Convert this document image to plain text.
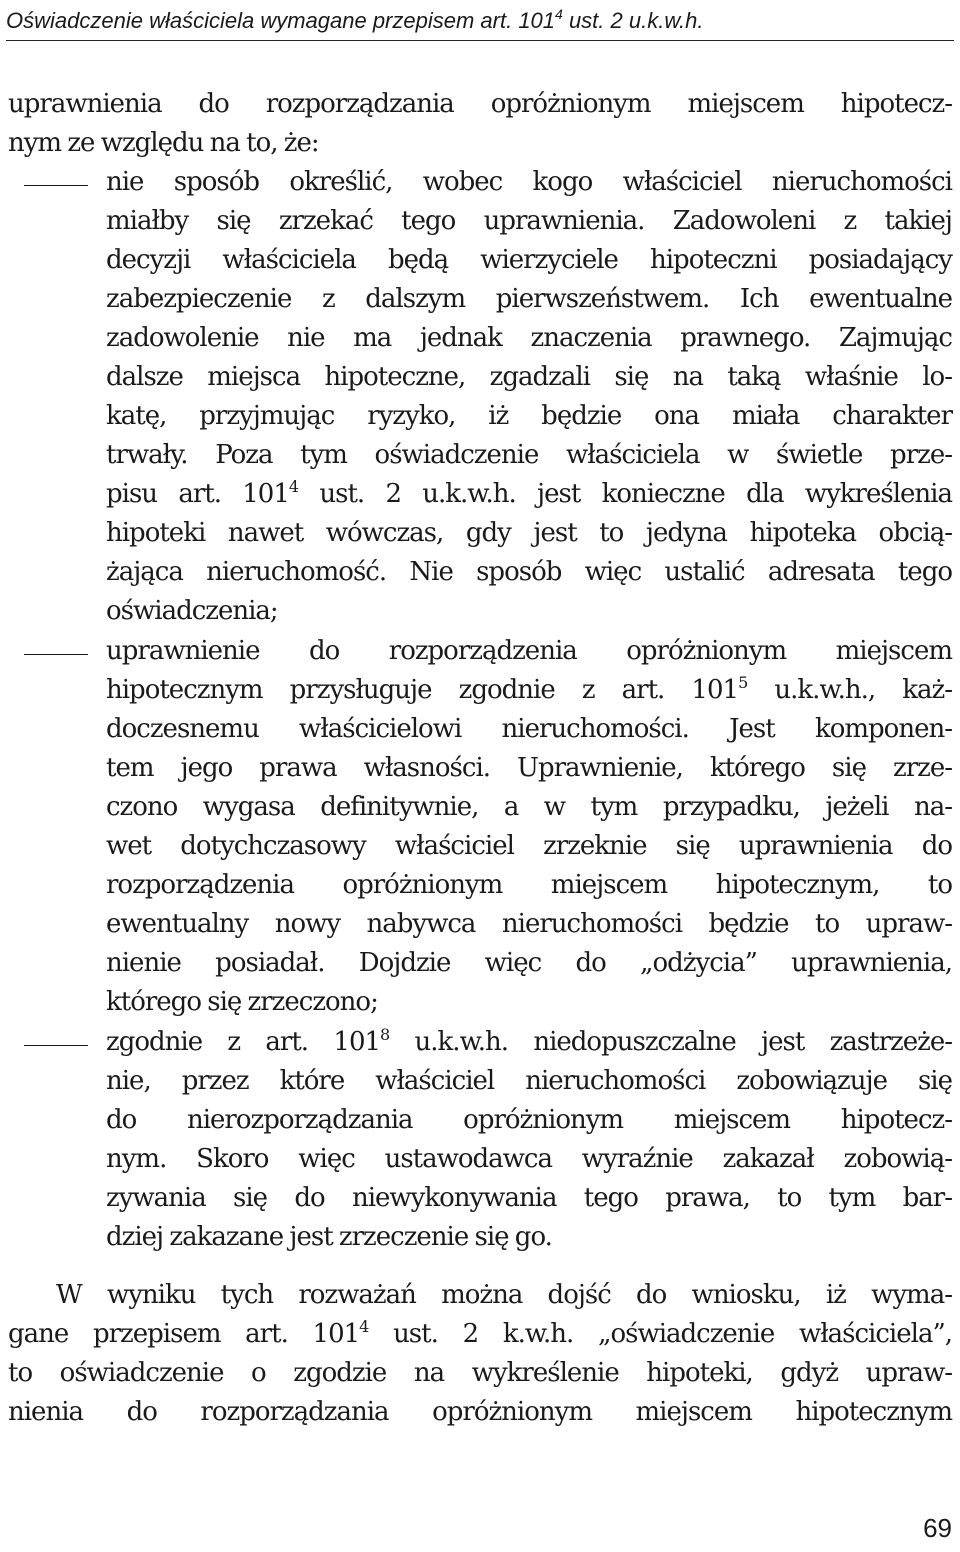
Oświadczenie właściciela wymagane przepisem art. $101^4$ ust. 2 u.k.w.h.
uprawnienia do rozporządzania opróżnionym miejscem hipotecz-
nym ze względu na to, że:
nie sposób określić, wobec kogo właściciel nieruchomości
miałby się zrzekać tego uprawnienia. Zadowoleni z takiej
decyzji właściciela będą wierzyciele hipoteczni posiadający
zabezpieczenie z dalszym pierwszeństwem. Ich ewentualne
zadowolenie nie ma jednak znaczenia prawnego. Zajmując
dalsze miejsca hipoteczne, zgadzali się na taką właśnie lo-
katę, przyjmując ryzyko, iż będzie ona miała charakter
trwały. Poza tym oświadczenie właściciela w świetle prze-
pisu art. $101^4$ ust. 2 u.k.w.h. jest konieczne dla wykreślenia
hipoteki nawet wówczas, gdy jest to jedyna hipoteka obcią-
żająca nieruchomość. Nie sposób więc ustalić adresata tego
oświadczenia;
uprawnienie do rozporządzenia opróżnionym miejscem
hipotecznym przysługuje zgodnie z art. $101^5$ u.k.w.h., każ-
doczesnemu właścicielowi nieruchomości. Jest komponen-
tem jego prawa własności. Uprawnienie, którego się zrze-
czono wygasa definitywnie, a w tym przypadku, jeżeli na-
wet dotychczasowy właściciel zrzeknie się uprawnienia do
rozporządzenia opróżnionym miejscem hipotecznym, to
ewentualny nowy nabywca nieruchomości będzie to upraw-
nienie posiadał. Dojdzie więc do „odżycia” uprawnienia,
którego się zrzeczono;
zgodnie z art. $101^8$ u.k.w.h. niedopuszczalne jest zastrzeże-
nie, przez które właściciel nieruchomości zobowiązuje się
do nierozporządzania opróżnionym miejscem hipotecz-
nym. Skoro więc ustawodawca wyraźnie zakazał zobowią-
zywania się do niewykonywania tego prawa, to tym bar-
dziej zakazane jest zrzeczenie się go.
W wyniku tych rozważań można dojść do wniosku, iż wyma-
gane przepisem art. $101^4$ ust. 2 k.w.h. „oświadczenie właściciela”,
to oświadczenie o zgodzie na wykreślenie hipoteki, gdyż upraw-
nienia do rozporządzania opróżnionym miejscem hipotecznym
69
